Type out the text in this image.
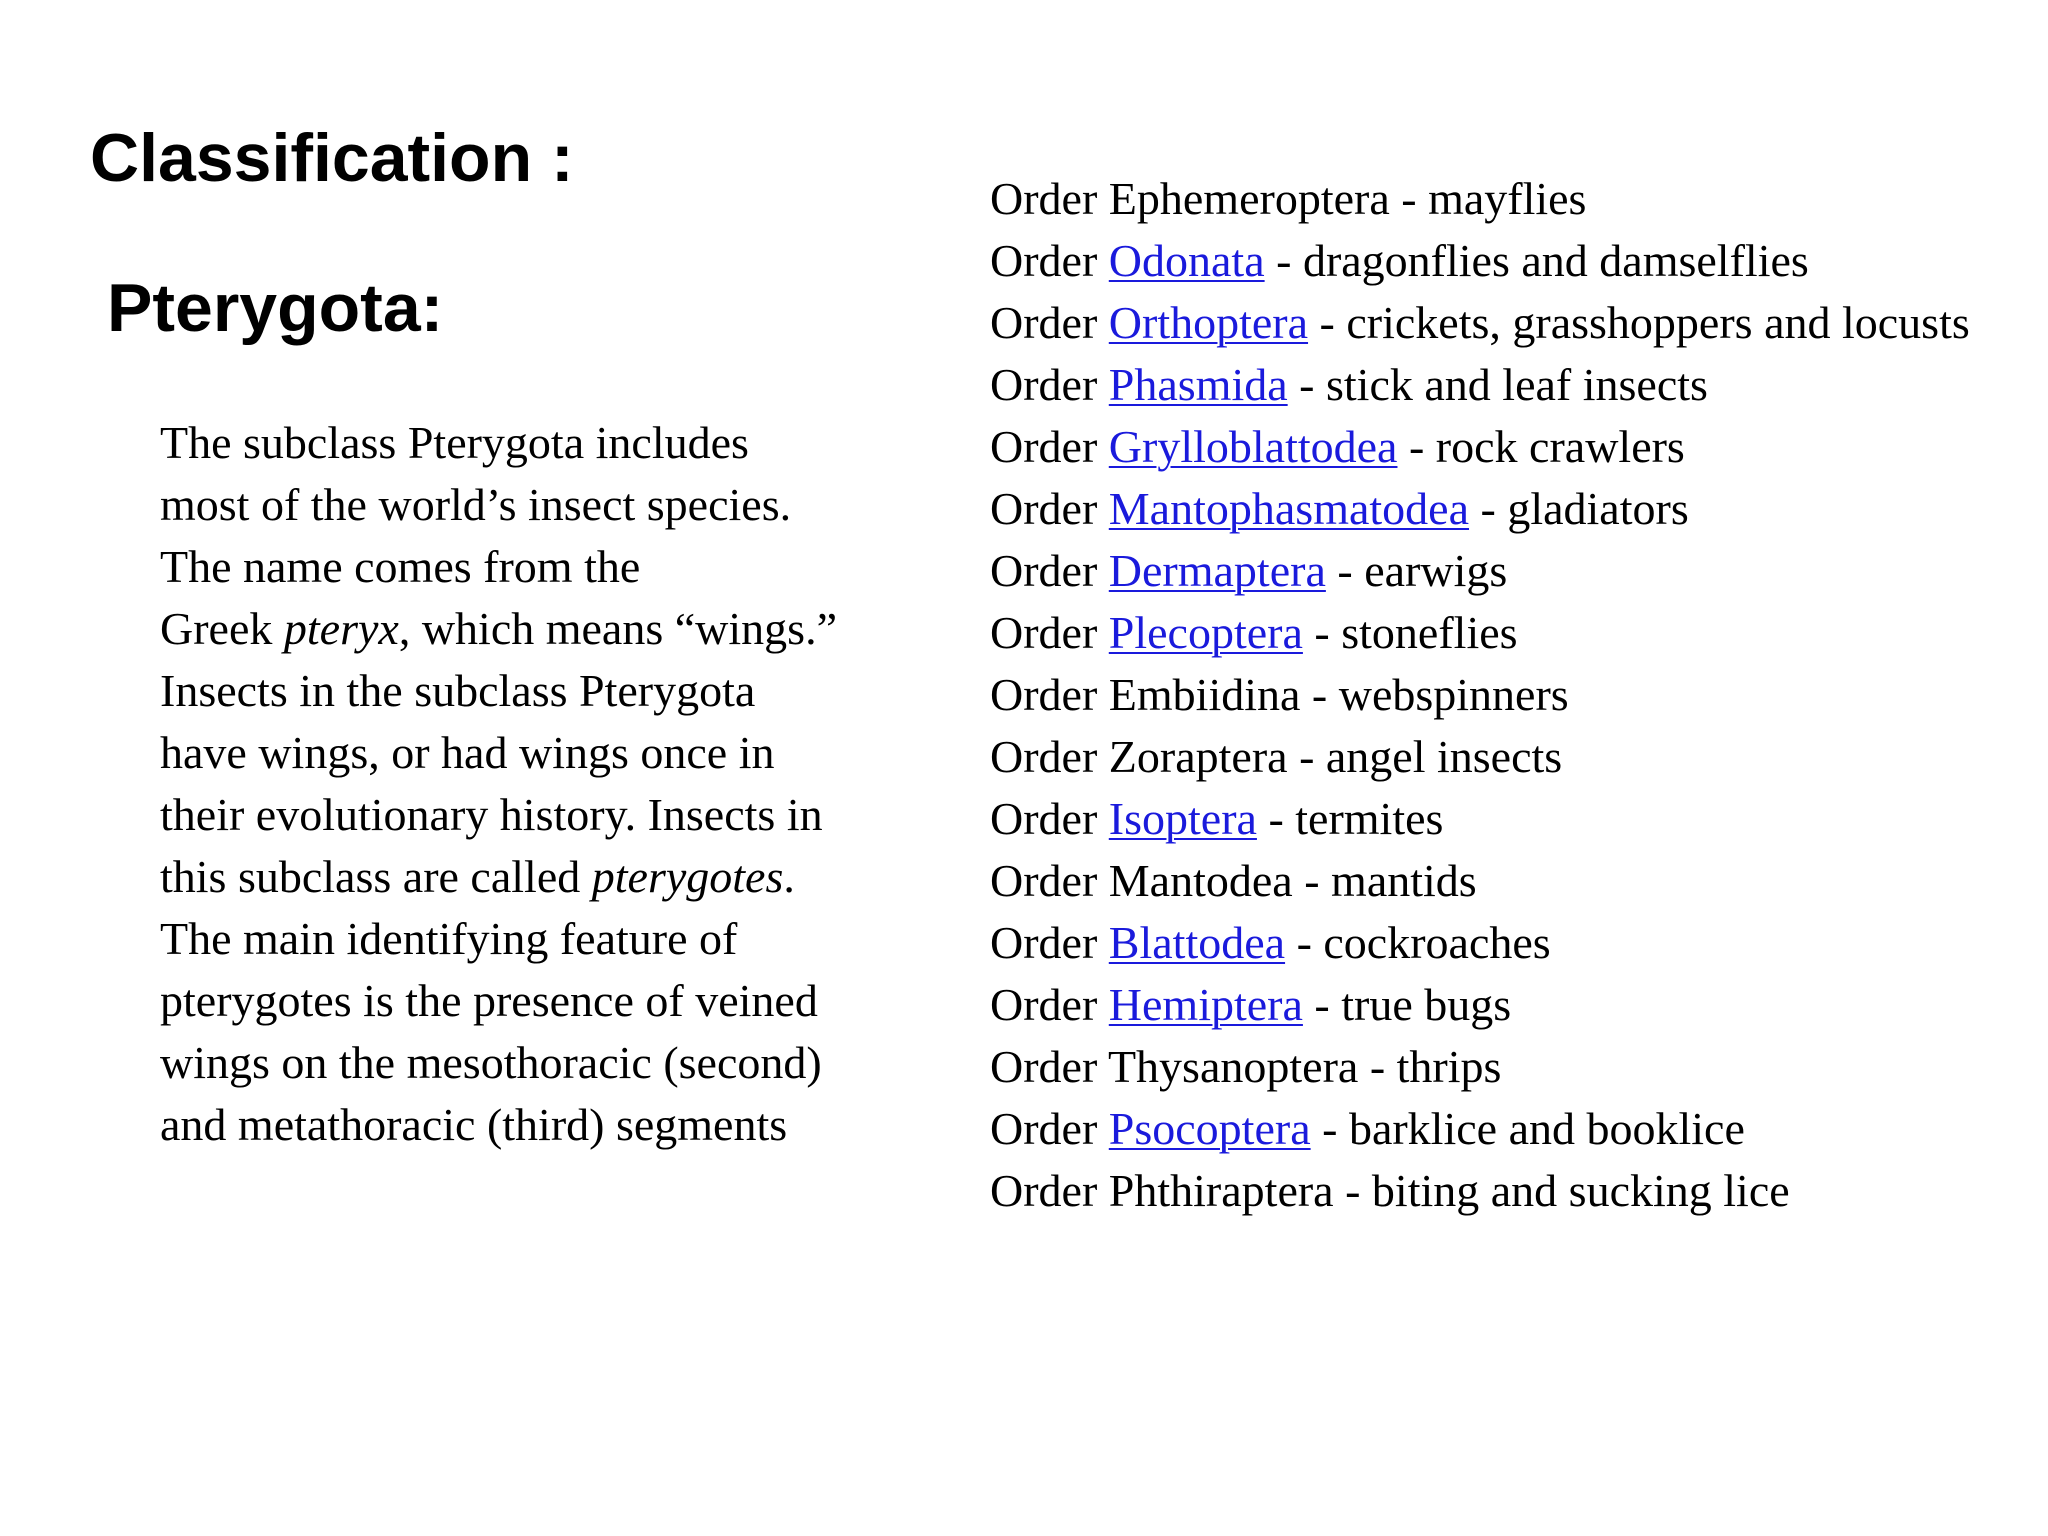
Classification :
Pterygota:
The subclass Pterygota includes
most of the world’s insect species.
The name comes from the
Greek pteryx, which means “wings.”
Insects in the subclass Pterygota
have wings, or had wings once in
their evolutionary history. Insects in
this subclass are called pterygotes.
The main identifying feature of
pterygotes is the presence of veined
wings on the mesothoracic (second)
and metathoracic (third) segments
Order Ephemeroptera - mayflies
Order Odonata - dragonflies and damselflies
Order Orthoptera - crickets, grasshoppers and locusts
Order Phasmida - stick and leaf insects
Order Grylloblattodea - rock crawlers
Order Mantophasmatodea - gladiators
Order Dermaptera - earwigs
Order Plecoptera - stoneflies
Order Embiidina - webspinners
Order Zoraptera - angel insects
Order Isoptera - termites
Order Mantodea - mantids
Order Blattodea - cockroaches
Order Hemiptera - true bugs
Order Thysanoptera - thrips
Order Psocoptera - barklice and booklice
Order Phthiraptera - biting and sucking lice
